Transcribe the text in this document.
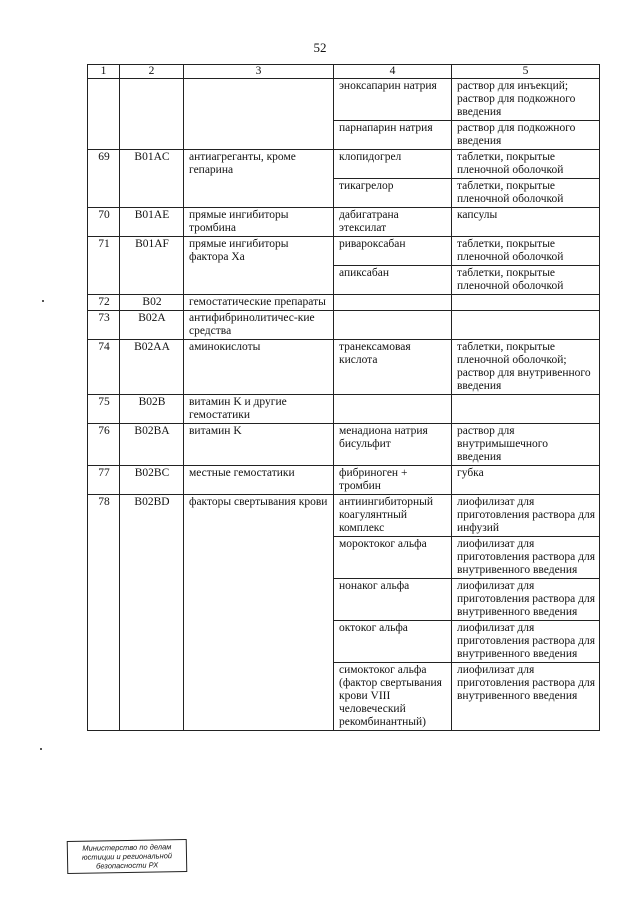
52
1	2	3	4	5
			эноксапарин натрия	раствор для инъекций; раствор для подкожного введения
			парнапарин натрия	раствор для подкожного введения
69	B01AC	антиагреганты, кроме гепарина	клопидогрел	таблетки, покрытые пленочной оболочкой
			тикагрелор	таблетки, покрытые пленочной оболочкой
70	B01AE	прямые ингибиторы тромбина	дабигатрана этексилат	капсулы
71	B01AF	прямые ингибиторы фактора Xa	ривароксабан	таблетки, покрытые пленочной оболочкой
			апиксабан	таблетки, покрытые пленочной оболочкой
72	B02	гемостатические препараты		
73	B02A	антифибринолитичес-кие средства		
74	B02AA	аминокислоты	транексамовая кислота	таблетки, покрытые пленочной оболочкой; раствор для внутривенного введения
75	B02B	витамин K и другие гемостатики		
76	B02BA	витамин K	менадиона натрия бисульфит	раствор для внутримышечного введения
77	B02BC	местные гемостатики	фибриноген + тромбин	губка
78	B02BD	факторы свертывания крови	антиингибиторный коагулянтный комплекс	лиофилизат для приготовления раствора для инфузий
			мороктоког альфа	лиофилизат для приготовления раствора для внутривенного введения
			нонаког альфа	лиофилизат для приготовления раствора для внутривенного введения
			октоког альфа	лиофилизат для приготовления раствора для внутривенного введения
			симоктоког альфа (фактор свертывания крови VIII человеческий рекомбинантный)	лиофилизат для приготовления раствора для внутривенного введения
Министерство по делам
юстиции и региональной
безопасности РХ
